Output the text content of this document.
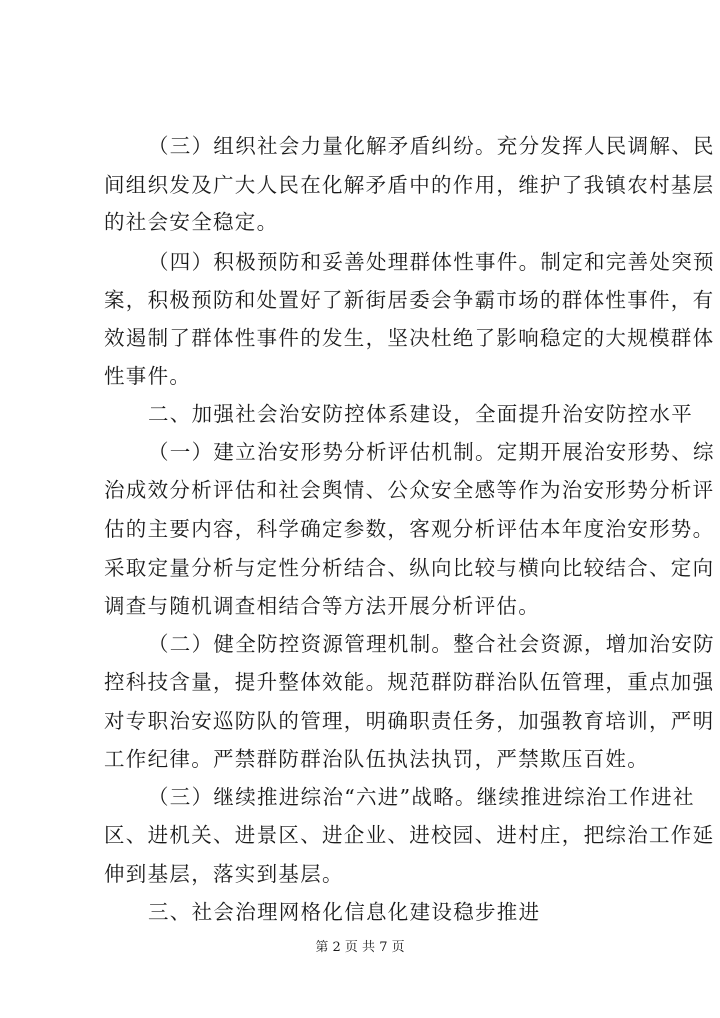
（三）组织社会力量化解矛盾纠纷。充分发挥人民调解、民
间组织发及广大人民在化解矛盾中的作用，维护了我镇农村基层
的社会安全稳定。
（四）积极预防和妥善处理群体性事件。制定和完善处突预
案，积极预防和处置好了新街居委会争霸市场的群体性事件，有
效遏制了群体性事件的发生，坚决杜绝了影响稳定的大规模群体
性事件。
二、加强社会治安防控体系建设，全面提升治安防控水平
（一）建立治安形势分析评估机制。定期开展治安形势、综
治成效分析评估和社会舆情、公众安全感等作为治安形势分析评
估的主要内容，科学确定参数，客观分析评估本年度治安形势。
采取定量分析与定性分析结合、纵向比较与横向比较结合、定向
调查与随机调查相结合等方法开展分析评估。
（二）健全防控资源管理机制。整合社会资源，增加治安防
控科技含量，提升整体效能。规范群防群治队伍管理，重点加强
对专职治安巡防队的管理，明确职责任务，加强教育培训，严明
工作纪律。严禁群防群治队伍执法执罚，严禁欺压百姓。
（三）继续推进综治“六进”战略。继续推进综治工作进社
区、进机关、进景区、进企业、进校园、进村庄，把综治工作延
伸到基层，落实到基层。
三、社会治理网格化信息化建设稳步推进
第 2 页 共 7 页
